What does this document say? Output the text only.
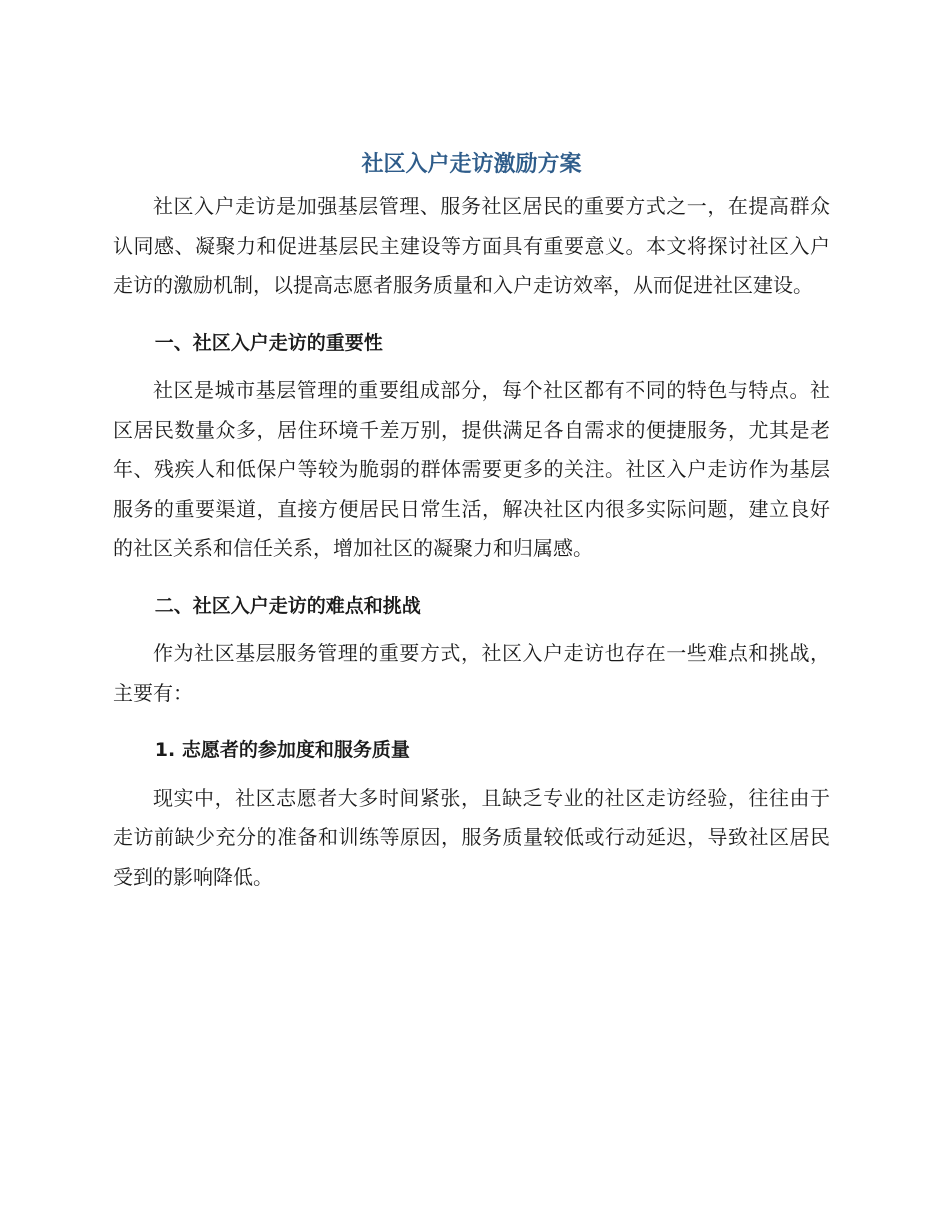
社区入户走访激励方案

社区入户走访是加强基层管理、服务社区居民的重要方式之一，在提高群众认同感、凝聚力和促进基层民主建设等方面具有重要意义。本文将探讨社区入户走访的激励机制，以提高志愿者服务质量和入户走访效率，从而促进社区建设。

一、社区入户走访的重要性

社区是城市基层管理的重要组成部分，每个社区都有不同的特色与特点。社区居民数量众多，居住环境千差万别，提供满足各自需求的便捷服务，尤其是老年、残疾人和低保户等较为脆弱的群体需要更多的关注。社区入户走访作为基层服务的重要渠道，直接方便居民日常生活，解决社区内很多实际问题，建立良好的社区关系和信任关系，增加社区的凝聚力和归属感。

二、社区入户走访的难点和挑战

作为社区基层服务管理的重要方式，社区入户走访也存在一些难点和挑战，主要有：

1. 志愿者的参加度和服务质量

现实中，社区志愿者大多时间紧张，且缺乏专业的社区走访经验，往往由于走访前缺少充分的准备和训练等原因，服务质量较低或行动延迟，导致社区居民受到的影响降低。
